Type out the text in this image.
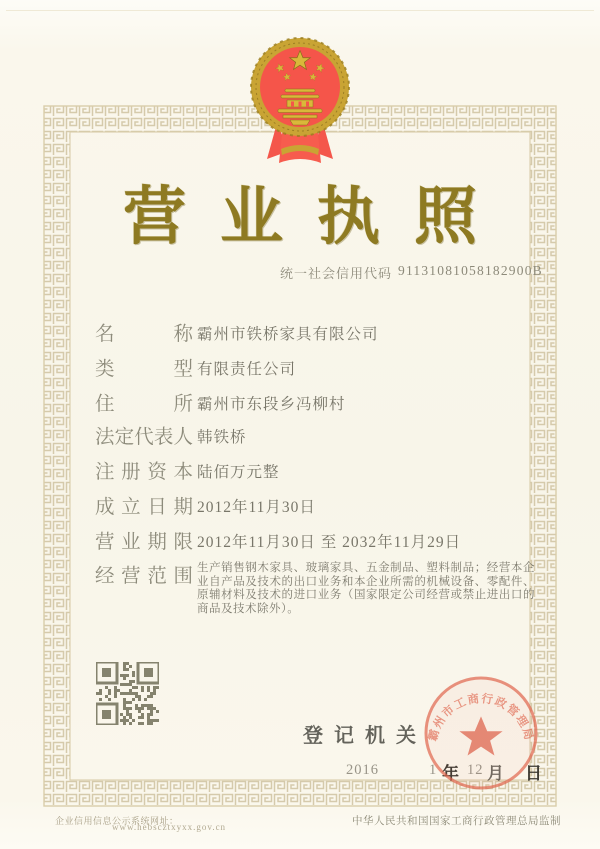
营业执照
统一社会信用代码 91131081058182900B
名称 霸州市铁桥家具有限公司
类型 有限责任公司
住所 霸州市东段乡冯柳村
法定代表人 韩铁桥
注册资本 陆佰万元整
成立日期 2012年11月30日
营业期限 2012年11月30日 至 2032年11月29日
经营范围 生产销售钢木家具、玻璃家具、五金制品、塑料制品；经营本企业自产品及技术的出口业务和本企业所需的机械设备、零配件、原辅材料及技术的进口业务（国家限定公司经营或禁止进出口的商品及技术除外）。

登记机关

2016	1 年 12 月 日
霸州市工商行政管理局
企业信用信息公示系统网址：
www.hebscztxyxx.gov.cn	中华人民共和国国家工商行政管理总局监制
